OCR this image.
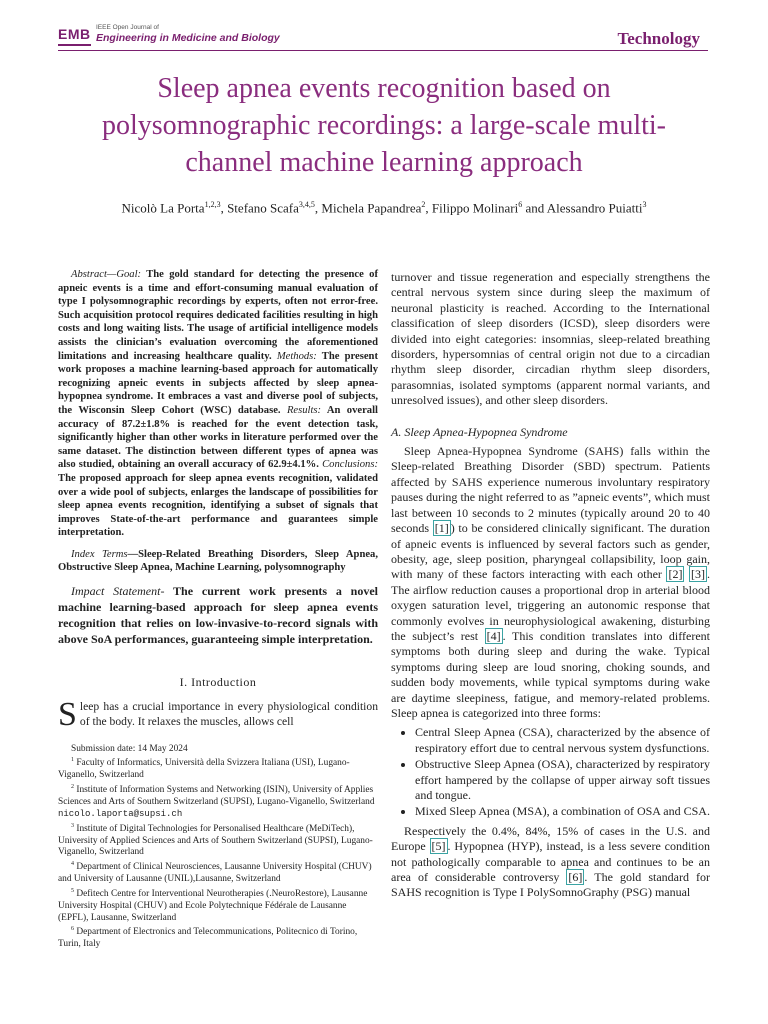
EMB IEEE Open Journal of
Engineering in Medicine and Biology	Technology
Sleep apnea events recognition based on polysomnographic recordings: a large-scale multi-channel machine learning approach
Nicolò La Porta$^{1,2,3}$, Stefano Scafa$^{3,4,5}$, Michela Papandrea$^2$, Filippo Molinari$^6$ and Alessandro Puiatti$^3$

Abstract—Goal: The gold standard for detecting the presence of apneic events is a time and effort-consuming manual evaluation of type I polysomnographic recordings by experts, often not error-free. Such acquisition protocol requires dedicated facilities resulting in high costs and long waiting lists. The usage of artificial intelligence models assists the clinician’s evaluation overcoming the aforementioned limitations and increasing healthcare quality. Methods: The present work proposes a machine learning-based approach for automatically recognizing apneic events in subjects affected by sleep apnea-hypopnea syndrome. It embraces a vast and diverse pool of subjects, the Wisconsin Sleep Cohort (WSC) database. Results: An overall accuracy of 87.2±1.8% is reached for the event detection task, significantly higher than other works in literature performed over the same dataset. The distinction between different types of apnea was also studied, obtaining an overall accuracy of 62.9±4.1%. Conclusions: The proposed approach for sleep apnea events recognition, validated over a wide pool of subjects, enlarges the landscape of possibilities for sleep apnea events recognition, identifying a subset of signals that improves State-of-the-art performance and guarantees simple interpretation.

Index Terms—Sleep-Related Breathing Disorders, Sleep Apnea, Obstructive Sleep Apnea, Machine Learning, polysomnography

Impact Statement- The current work presents a novel machine learning-based approach for sleep apnea events recognition that relies on low-invasive-to-record signals with above SoA performances, guaranteeing simple interpretation.

I. Introduction

Sleep has a crucial importance in every physiological condition of the body. It relaxes the muscles, allows cell

Submission date: 14 May 2024

$^1$ Faculty of Informatics, Università della Svizzera Italiana (USI), Lugano-Viganello, Switzerland

$^2$ Institute of Information Systems and Networking (ISIN), University of Applies Sciences and Arts of Southern Switzerland (SUPSI), Lugano-Viganello, Switzerland nicolo.laporta@supsi.ch

$^3$ Institute of Digital Technologies for Personalised Healthcare (MeDiTech), University of Applied Sciences and Arts of Southern Switzerland (SUPSI), Lugano-Viganello, Switzerland

$^4$ Department of Clinical Neurosciences, Lausanne University Hospital (CHUV) and University of Lausanne (UNIL),Lausanne, Switzerland

$^5$ Defitech Centre for Interventional Neurotherapies (.NeuroRestore), Lausanne University Hospital (CHUV) and Ecole Polytechnique Fédérale de Lausanne (EPFL), Lausanne, Switzerland

$^6$ Department of Electronics and Telecommunications, Politecnico di Torino, Turin, Italy

turnover and tissue regeneration and especially strengthens the central nervous system since during sleep the maximum of neuronal plasticity is reached. According to the International classification of sleep disorders (ICSD), sleep disorders were divided into eight categories: insomnias, sleep-related breathing disorders, hypersomnias of central origin not due to a circadian rhythm sleep disorder, circadian rhythm sleep disorders, parasomnias, isolated symptoms (apparent normal variants, and unresolved issues), and other sleep disorders.

A. Sleep Apnea-Hypopnea Syndrome

Sleep Apnea-Hypopnea Syndrome (SAHS) falls within the Sleep-related Breathing Disorder (SBD) spectrum. Patients affected by SAHS experience numerous involuntary respiratory pauses during the night referred to as ”apneic events”, which must last between 10 seconds to 2 minutes (typically around 20 to 40 seconds [1] ) to be considered clinically significant. The duration of apneic events is influenced by several factors such as gender, obesity, age, sleep position, pharyngeal collapsibility, loop gain, with many of these factors interacting with each other [2] [3] . The airflow reduction causes a proportional drop in arterial blood oxygen saturation level, triggering an autonomic response that commonly evolves in neurophysiological awakening, disturbing the subject’s rest [4] . This condition translates into different symptoms both during sleep and during the wake. Typical symptoms during sleep are loud snoring, choking sounds, and sudden body movements, while typical symptoms during wake are daytime sleepiness, fatigue, and memory-related problems. Sleep apnea is categorized into three forms:

• Central Sleep Apnea (CSA), characterized by the absence of respiratory effort due to central nervous system dysfunctions.
• Obstructive Sleep Apnea (OSA), characterized by respiratory effort hampered by the collapse of upper airway soft tissues and tongue.
• Mixed Sleep Apnea (MSA), a combination of OSA and CSA.

Respectively the 0.4%, 84%, 15% of cases in the U.S. and Europe [5] . Hypopnea (HYP), instead, is a less severe condition not pathologically comparable to apnea and continues to be an area of considerable controversy [6] . The gold standard for SAHS recognition is Type I PolySomnoGraphy (PSG) manual
